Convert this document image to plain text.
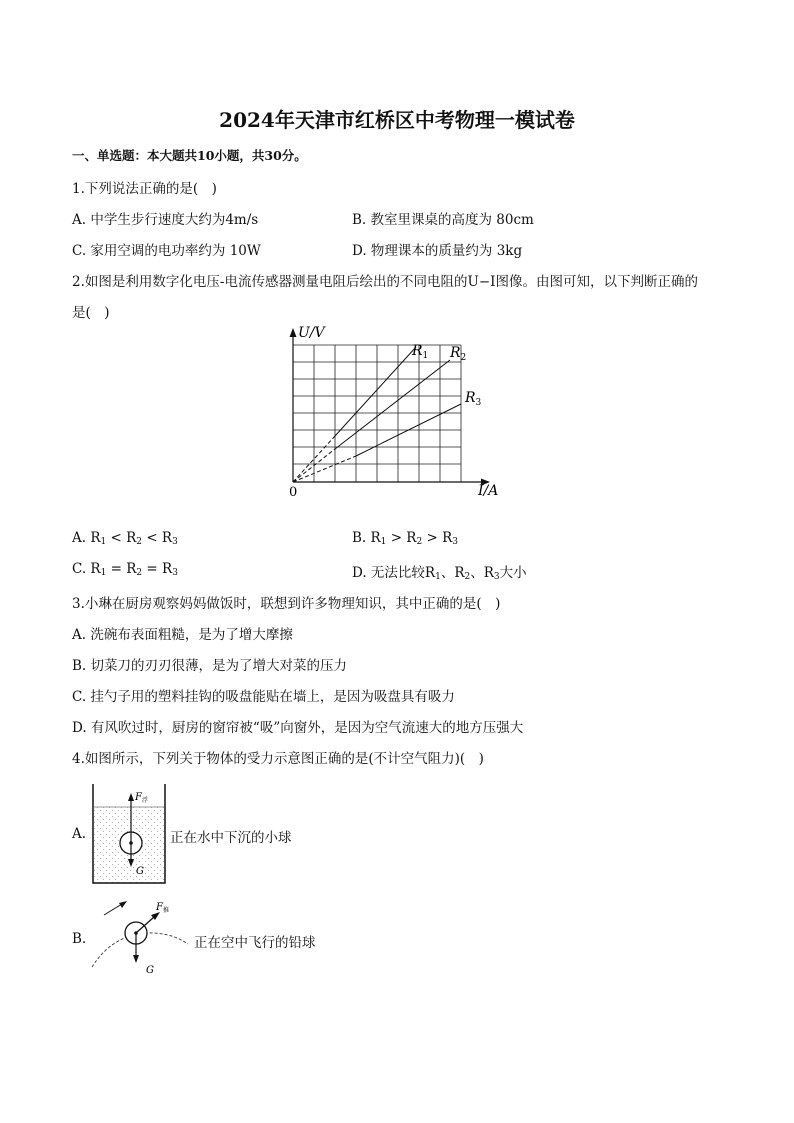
2024年天津市红桥区中考物理一模试卷
一、单选题：本大题共10小题，共30分。
1.下列说法正确的是(　)
A. 中学生步行速度大约为4m/s	B. 教室里课桌的高度为 80cm
C. 家用空调的电功率约为 10W	D. 物理课本的质量约为 3kg
2.如图是利用数字化电压-电流传感器测量电阻后绘出的不同电阻的U−I图像。由图可知，以下判断正确的
是(　)
U/V
I/A
0
$R_1$ $R_2$
$R_3$
A. $R_1 < R_2 < R_3$	B. $R_1 > R_2 > R_3$
C. $R_1 = R_2 = R_3$	D. 无法比较$R_1$、$R_2$、$R_3$大小
3.小琳在厨房观察妈妈做饭时，联想到许多物理知识，其中正确的是(　)
A. 洗碗布表面粗糙，是为了增大摩擦
B. 切菜刀的刃刃很薄，是为了增大对菜的压力
C. 挂勺子用的塑料挂钩的吸盘能贴在墙上，是因为吸盘具有吸力
D. 有风吹过时，厨房的窗帘被“吸”向窗外，是因为空气流速大的地方压强大
4.如图所示，下列关于物体的受力示意图正确的是(不计空气阻力)(　)
A.
$F_浮$
G
正在水中下沉的小球
B.
$F_推$
G
正在空中飞行的铅球
